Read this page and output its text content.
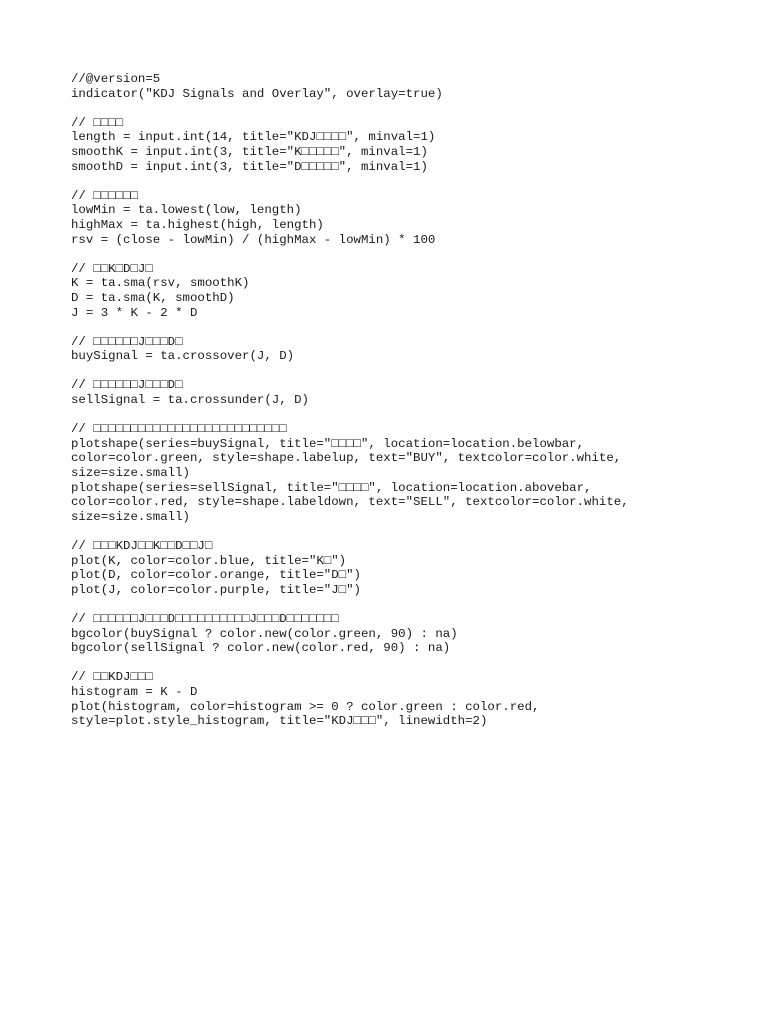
//@version=5
indicator("KDJ Signals and Overlay", overlay=true)
// □□□□
length = input.int(14, title="KDJ□□□□", minval=1)
smoothK = input.int(3, title="K□□□□□", minval=1)
smoothD = input.int(3, title="D□□□□□", minval=1)
// □□□□□□
lowMin = ta.lowest(low, length)
highMax = ta.highest(high, length)
rsv = (close - lowMin) / (highMax - lowMin) * 100
// □□K□D□J□
K = ta.sma(rsv, smoothK)
D = ta.sma(K, smoothD)
J = 3 * K - 2 * D
// □□□□□□J□□□D□
buySignal = ta.crossover(J, D)
// □□□□□□J□□□D□
sellSignal = ta.crossunder(J, D)
// □□□□□□□□□□□□□□□□□□□□□□□□□□
plotshape(series=buySignal, title="□□□□", location=location.belowbar,
color=color.green, style=shape.labelup, text="BUY", textcolor=color.white,
size=size.small)
plotshape(series=sellSignal, title="□□□□", location=location.abovebar,
color=color.red, style=shape.labeldown, text="SELL", textcolor=color.white,
size=size.small)
// □□□KDJ□□K□□D□□J□
plot(K, color=color.blue, title="K□")
plot(D, color=color.orange, title="D□")
plot(J, color=color.purple, title="J□")
// □□□□□□J□□□D□□□□□□□□□□J□□□D□□□□□□□
bgcolor(buySignal ? color.new(color.green, 90) : na)
bgcolor(sellSignal ? color.new(color.red, 90) : na)
// □□KDJ□□□
histogram = K - D
plot(histogram, color=histogram >= 0 ? color.green : color.red,
style=plot.style_histogram, title="KDJ□□□", linewidth=2)
